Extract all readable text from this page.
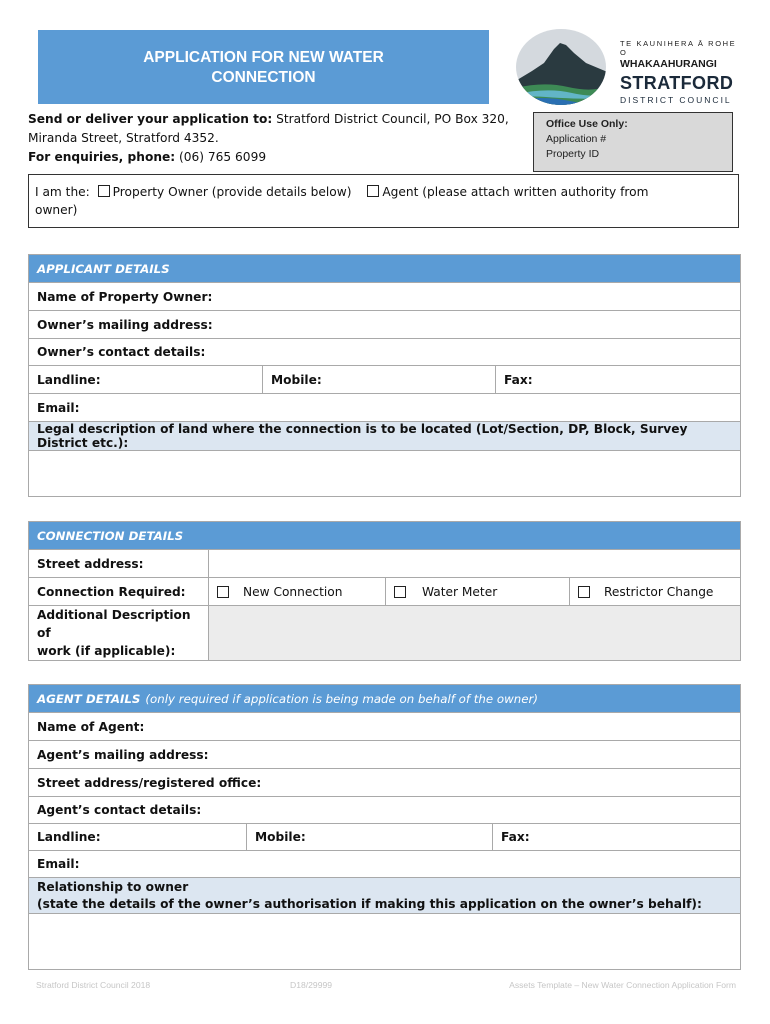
APPLICATION FOR NEW WATER
CONNECTION
TE KAUNIHERA Ā ROHE O
WHAKAAHURANGI
STRATFORD
DISTRICT COUNCIL
Send or deliver your application to: Stratford District Council, PO Box 320,
Miranda Street, Stratford 4352.
For enquiries, phone: (06) 765 6099
Office Use Only:
Application #
Property ID
I am the: Property Owner (provide details below)	Agent (please attach written authority from
owner)
APPLICANT DETAILS
Name of Property Owner:
Owner’s mailing address:
Owner’s contact details:
Landline:	Mobile:	Fax:
Email:
Legal description of land where the connection is to be located (Lot/Section, DP, Block, Survey District etc.):
CONNECTION DETAILS
Street address:
Connection Required:	New Connection	Water Meter	Restrictor Change
Additional Description of
work (if applicable):
AGENT DETAILS (only required if application is being made on behalf of the owner)
Name of Agent:
Agent’s mailing address:
Street address/registered office:
Agent’s contact details:
Landline:	Mobile:	Fax:
Email:
Relationship to owner
(state the details of the owner’s authorisation if making this application on the owner’s behalf):
Stratford District Council 2018	D18/29999	Assets Template – New Water Connection Application Form
